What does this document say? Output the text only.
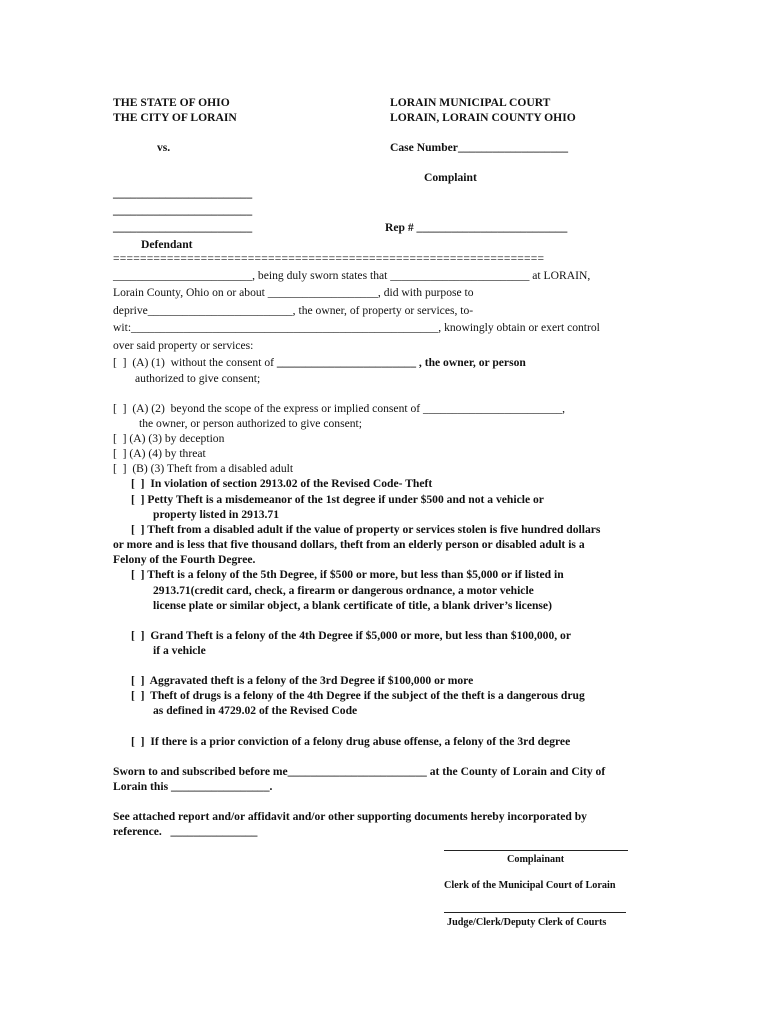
THE STATE OF OHIO
THE CITY OF LORAIN
LORAIN MUNICIPAL COURT
LORAIN, LORAIN COUNTY OHIO
vs.	Case Number___________________
Complaint
________________________
________________________
________________________	Rep # __________________________
Defendant
================================================================
________________________, being duly sworn states that ________________________ at LORAIN,
Lorain County, Ohio on or about ___________________, did with purpose to
deprive_________________________, the owner, of property or services, to-
wit:_____________________________________________________, knowingly obtain or exert control
over said property or services:
[  ]  (A) (1)  without the consent of ________________________ , the owner, or person
authorized to give consent;
[  ]  (A) (2)  beyond the scope of the express or implied consent of ________________________,
the owner, or person authorized to give consent;
[  ] (A) (3) by deception
[  ] (A) (4) by threat
[  ]  (B) (3) Theft from a disabled adult
[  ]  In violation of section 2913.02 of the Revised Code- Theft
[  ] Petty Theft is a misdemeanor of the 1st degree if under $500 and not a vehicle or
property listed in 2913.71
[  ] Theft from a disabled adult if the value of property or services stolen is five hundred dollars
or more and is less that five thousand dollars, theft from an elderly person or disabled adult is a
Felony of the Fourth Degree.
[  ] Theft is a felony of the 5th Degree, if $500 or more, but less than $5,000 or if listed in
2913.71(credit card, check, a firearm or dangerous ordnance, a motor vehicle
license plate or similar object, a blank certificate of title, a blank driver’s license)
[  ]  Grand Theft is a felony of the 4th Degree if $5,000 or more, but less than $100,000, or
if a vehicle
[  ]  Aggravated theft is a felony of the 3rd Degree if $100,000 or more
[  ]  Theft of drugs is a felony of the 4th Degree if the subject of the theft is a dangerous drug
as defined in 4729.02 of the Revised Code
[  ]  If there is a prior conviction of a felony drug abuse offense, a felony of the 3rd degree
Sworn to and subscribed before me________________________ at the County of Lorain and City of
Lorain this _________________.
See attached report and/or affidavit and/or other supporting documents hereby incorporated by
reference.   _______________
Complainant
Clerk of the Municipal Court of Lorain
Judge/Clerk/Deputy Clerk of Courts
